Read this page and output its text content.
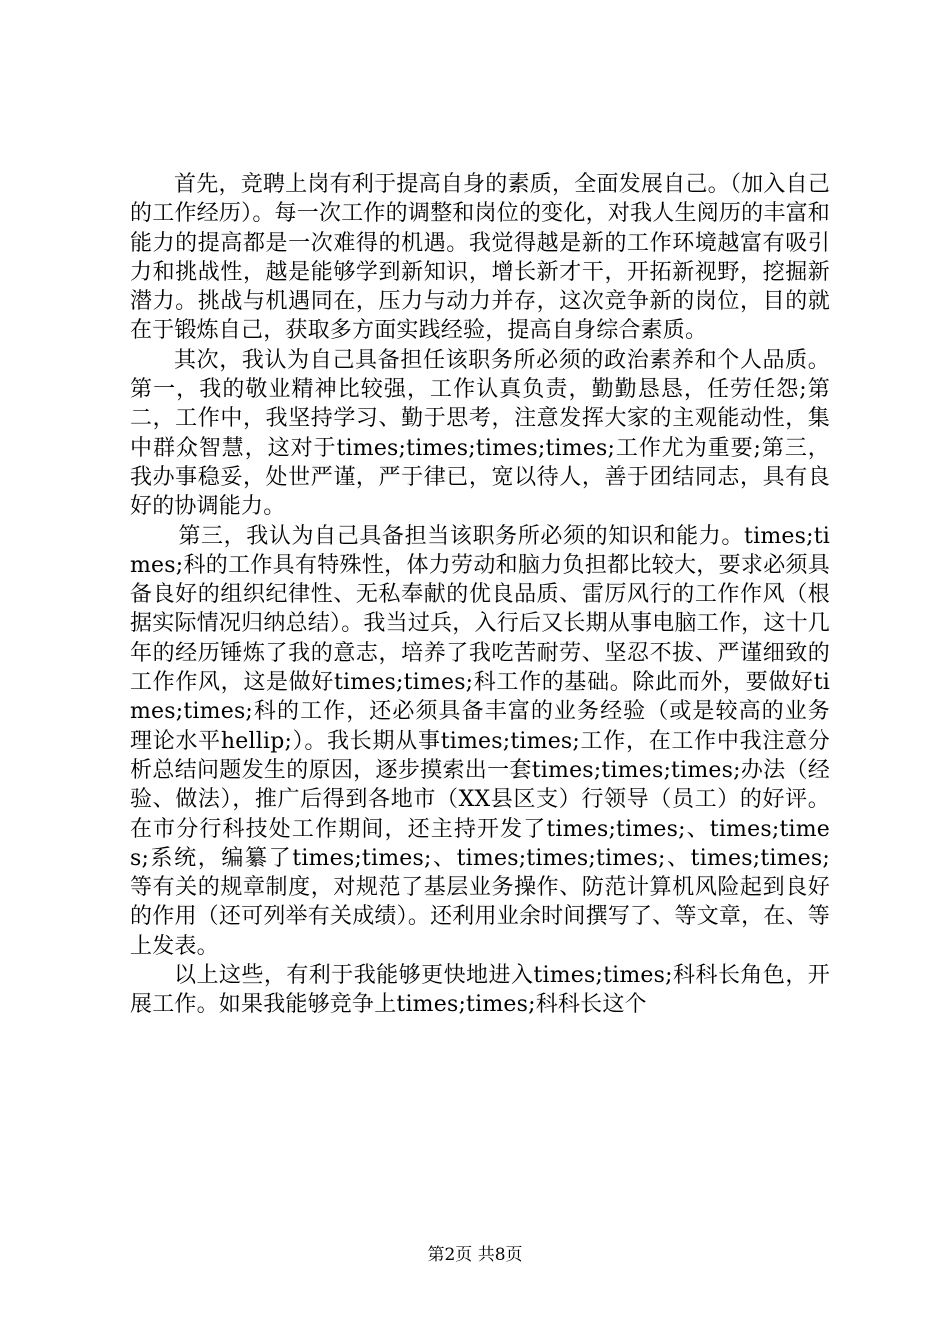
首先，竞聘上岗有利于提高自身的素质，全面发展自己。（加入自己的工作经历）。每一次工作的调整和岗位的变化，对我人生阅历的丰富和能力的提高都是一次难得的机遇。我觉得越是新的工作环境越富有吸引力和挑战性，越是能够学到新知识，增长新才干，开拓新视野，挖掘新潜力。挑战与机遇同在，压力与动力并存，这次竞争新的岗位，目的就在于锻炼自己，获取多方面实践经验，提高自身综合素质。

其次，我认为自己具备担任该职务所必须的政治素养和个人品质。第一，我的敬业精神比较强，工作认真负责，勤勤恳恳，任劳任怨;第二，工作中，我坚持学习、勤于思考，注意发挥大家的主观能动性，集中群众智慧，这对于times;times;times;times;工作尤为重要;第三，我办事稳妥，处世严谨，严于律已，宽以待人，善于团结同志，具有良好的协调能力。

第三，我认为自己具备担当该职务所必须的知识和能力。times;times;科的工作具有特殊性，体力劳动和脑力负担都比较大，要求必须具备良好的组织纪律性、无私奉献的优良品质、雷厉风行的工作作风（根据实际情况归纳总结）。我当过兵，入行后又长期从事电脑工作，这十几年的经历锤炼了我的意志，培养了我吃苦耐劳、坚忍不拔、严谨细致的工作作风，这是做好times;times;科工作的基础。除此而外，要做好times;times;科的工作，还必须具备丰富的业务经验（或是较高的业务理论水平hellip;）。我长期从事times;times;工作，在工作中我注意分析总结问题发生的原因，逐步摸索出一套times;times;times;办法（经验、做法），推广后得到各地市（XX县区支）行领导（员工）的好评。在市分行科技处工作期间，还主持开发了times;times;、times;times;系统，编纂了times;times;、times;times;times;、times;times;等有关的规章制度，对规范了基层业务操作、防范计算机风险起到良好的作用（还可列举有关成绩）。还利用业余时间撰写了、等文章，在、等上发表。

以上这些，有利于我能够更快地进入times;times;科科长角色，开展工作。如果我能够竞争上times;times;科科长这个

第2页 共8页
